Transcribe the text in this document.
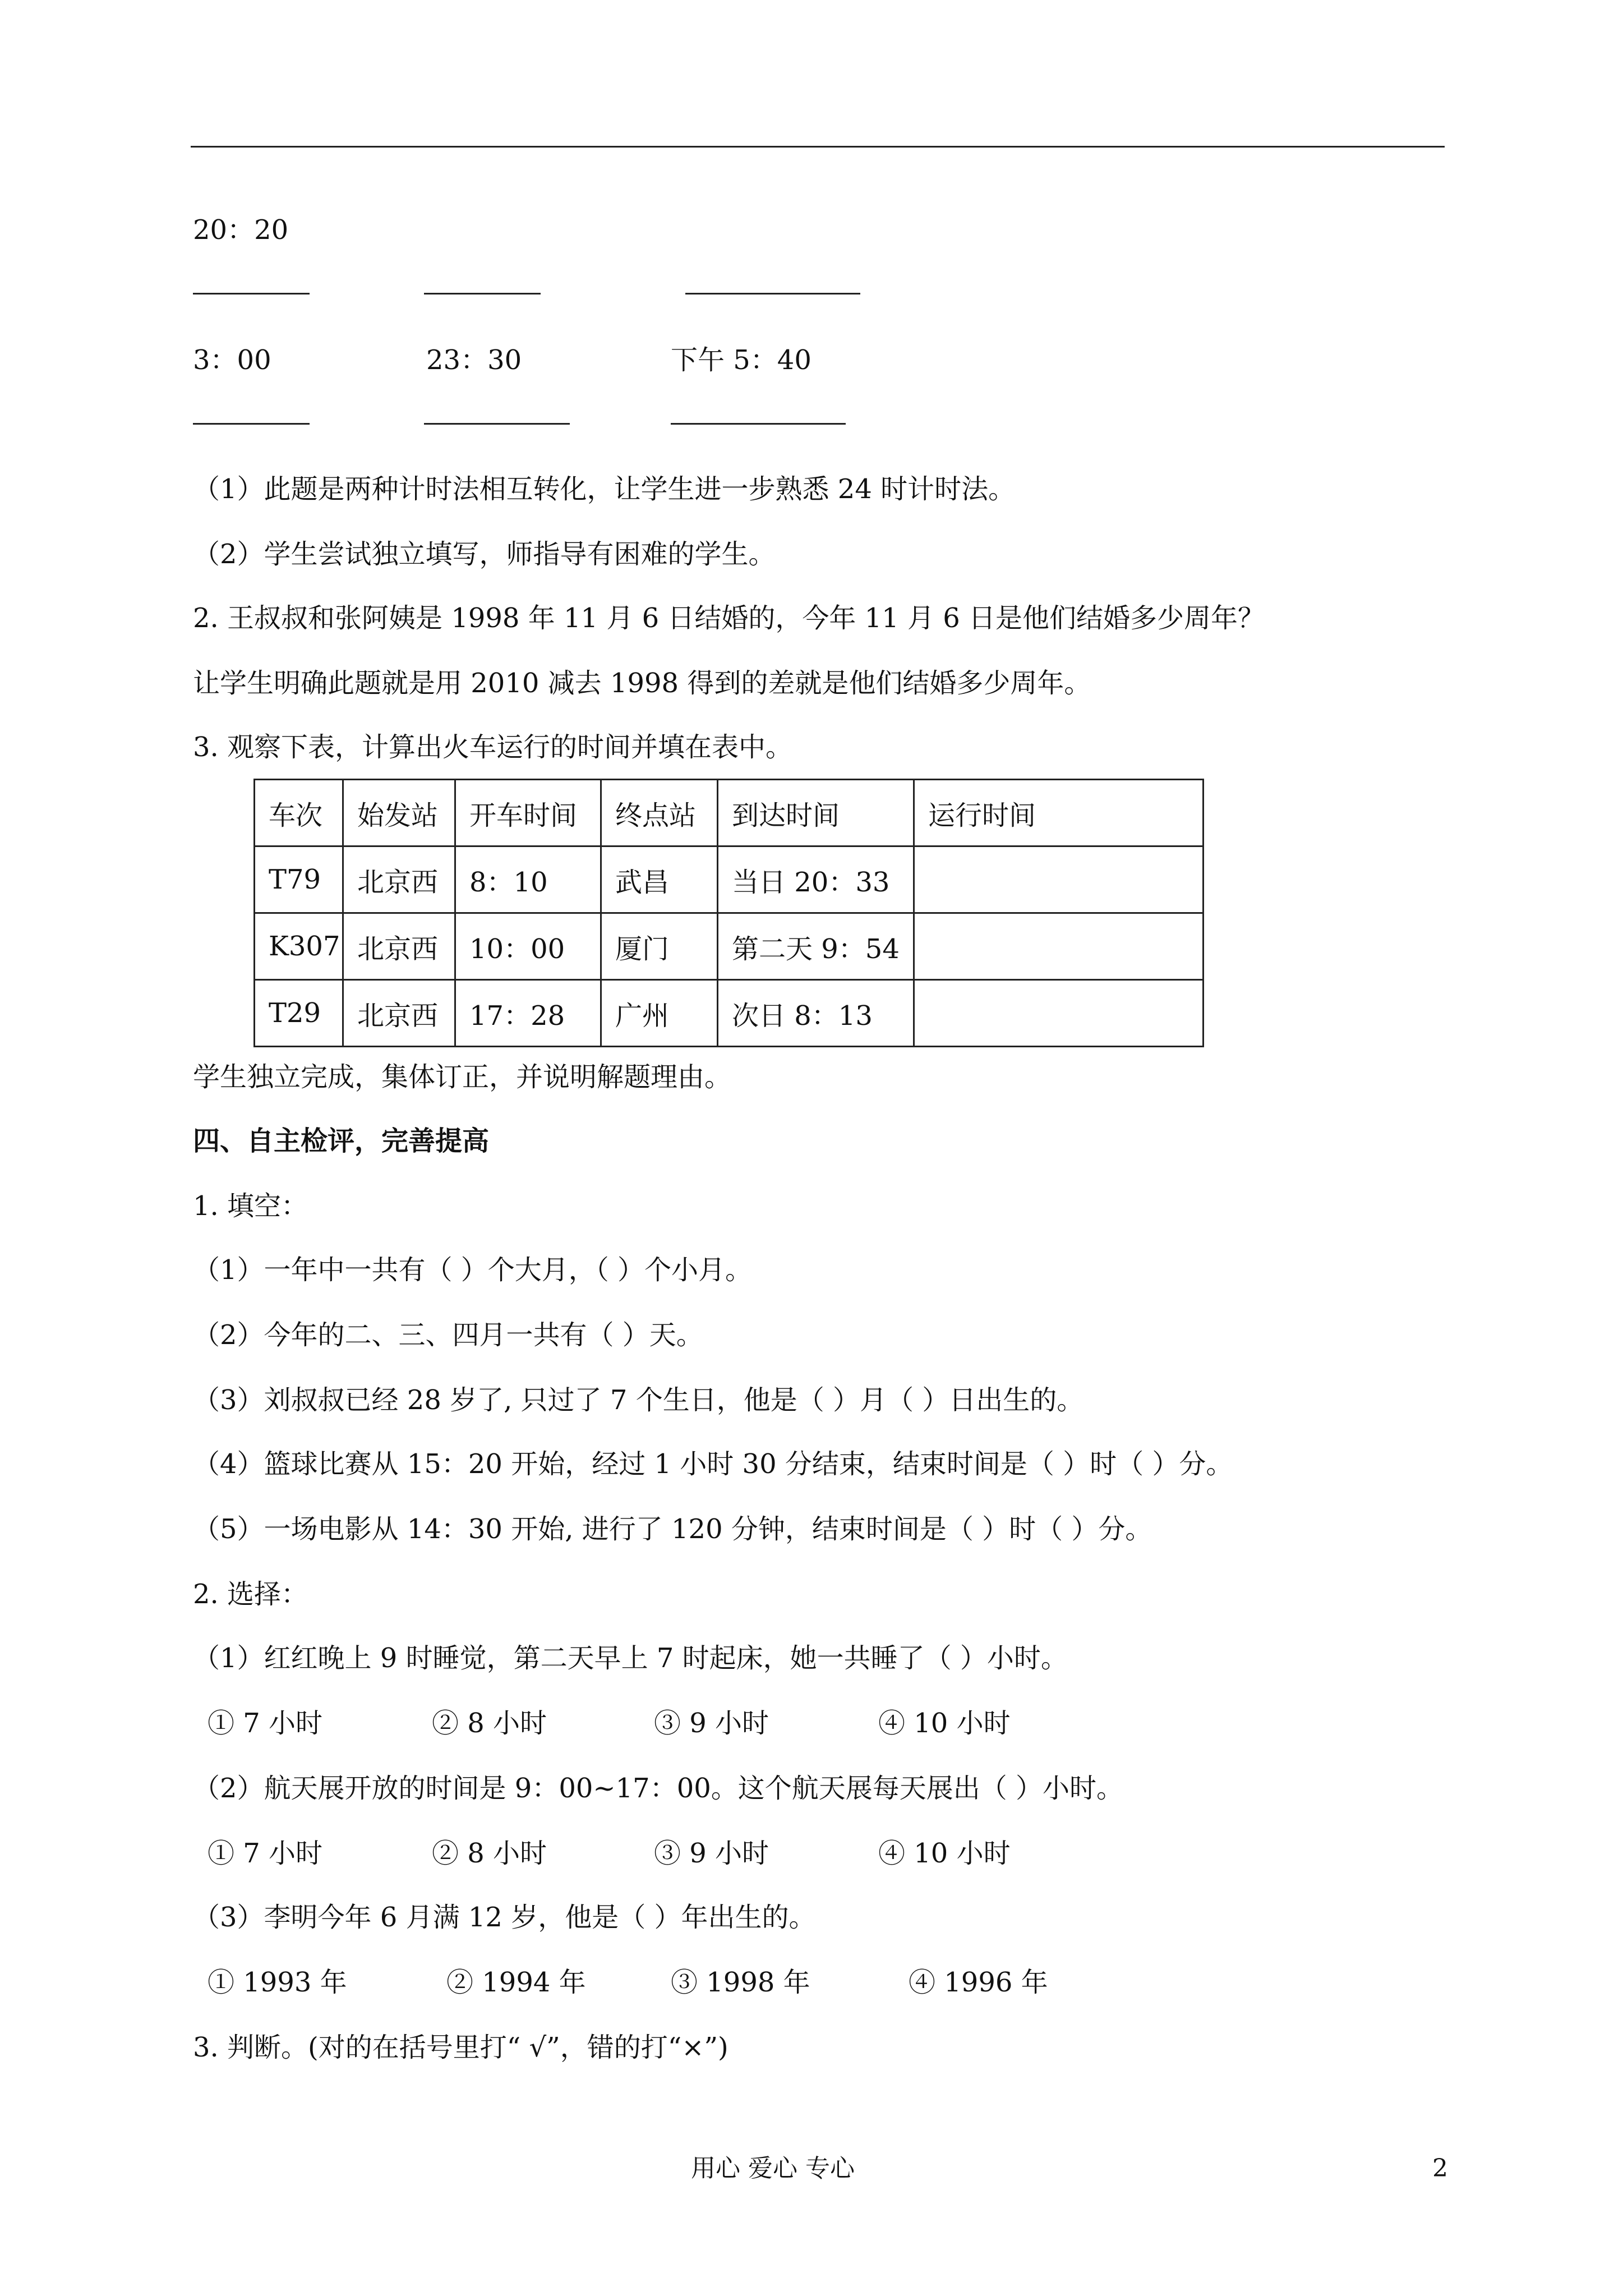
20：20
3：00	23：30	下午 5：40
（1）此题是两种计时法相互转化，让学生进一步熟悉 24 时计时法。
（2）学生尝试独立填写，师指导有困难的学生。
2. 王叔叔和张阿姨是 1998 年 11 月 6 日结婚的，今年 11 月 6 日是他们结婚多少周年？
让学生明确此题就是用 2010 减去 1998 得到的差就是他们结婚多少周年。
3. 观察下表，计算出火车运行的时间并填在表中。
车次	始发站	开车时间	终点站	到达时间	运行时间
T79	北京西	8：10	武昌	当日 20：33	
K307	北京西	10：00	厦门	第二天 9：54	
T29	北京西	17：28	广州	次日 8：13	
学生独立完成，集体订正，并说明解题理由。
四、自主检评，完善提高
1. 填空：
（1）一年中一共有（ ）个大月，（ ）个小月。
（2）今年的二、三、四月一共有（ ）天。
（3）刘叔叔已经 28 岁了, 只过了 7 个生日，他是（ ）月（ ）日出生的。
（4）篮球比赛从 15：20 开始，经过 1 小时 30 分结束，结束时间是（ ）时（ ）分。
（5）一场电影从 14：30 开始, 进行了 120 分钟，结束时间是（ ）时（ ）分。
2. 选择：
（1）红红晚上 9 时睡觉，第二天早上 7 时起床，她一共睡了（ ）小时。
① 7 小时	② 8 小时	③ 9 小时	④ 10 小时
（2）航天展开放的时间是 9：00~17：00。这个航天展每天展出（ ）小时。
① 7 小时	② 8 小时	③ 9 小时	④ 10 小时
（3）李明今年 6 月满 12 岁，他是（ ）年出生的。
① 1993 年	② 1994 年	③ 1998 年	④ 1996 年
3. 判断。(对的在括号里打“ √”，错的打“×”)
用心 爱心 专心	2
